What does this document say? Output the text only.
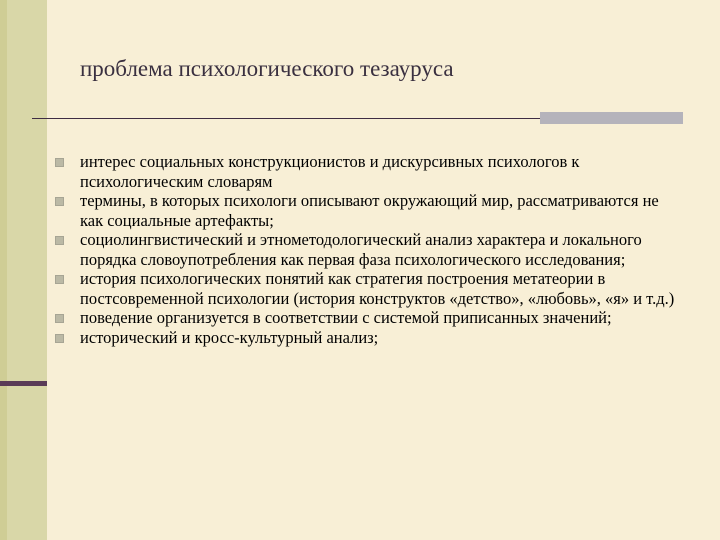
проблема психологического тезауруса
интерес социальных конструкционистов и дискурсивных психологов к психологическим словарям
термины, в которых психологи описывают окружающий мир, рассматриваются не как социальные артефакты;
социолингвистический и этнометодологический анализ характера и локального порядка словоупотребления как первая фаза психологического исследования;
история психологических понятий как стратегия построения метатеории в постсовременной психологии (история конструктов «детство», «любовь», «я» и т.д.)
поведение организуется в соответствии с системой приписанных значений;
исторический и кросс-культурный анализ;
